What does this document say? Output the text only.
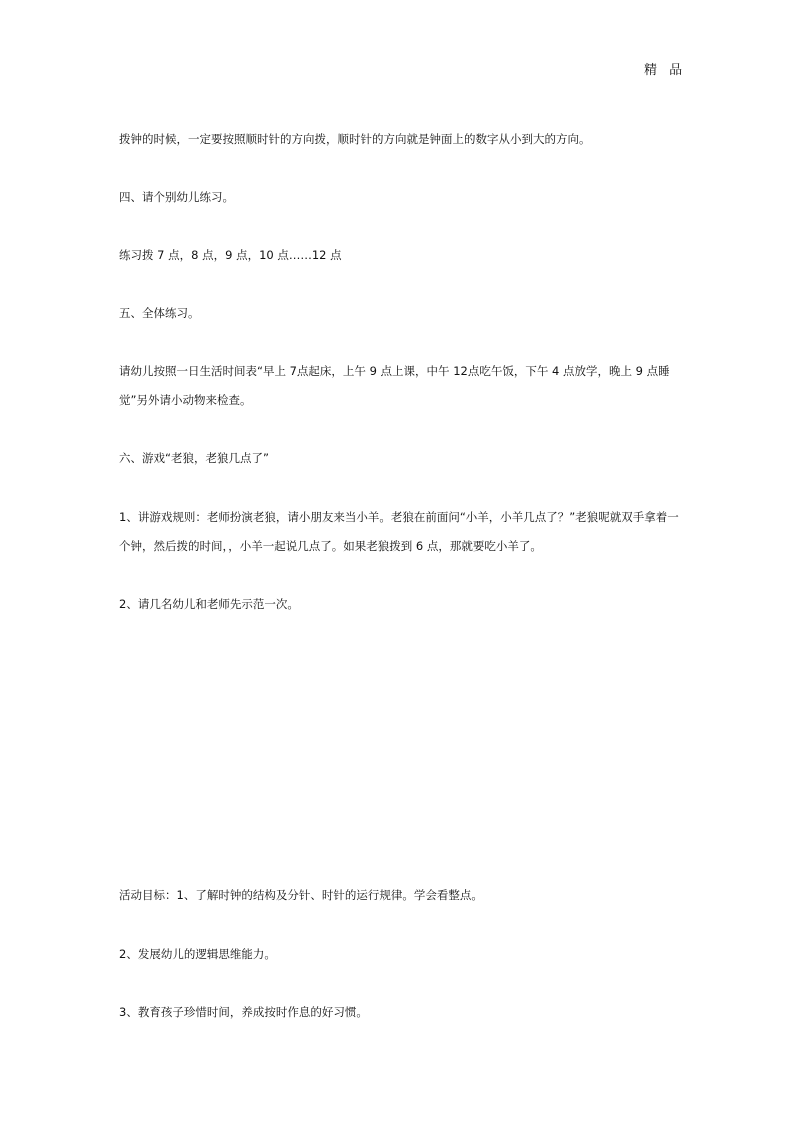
精 品

拨钟的时候，一定要按照顺时针的方向拨，顺时针的方向就是钟面上的数字从小到大的方向。

四、请个别幼儿练习。

练习拨 7 点，8 点，9 点，10 点……12 点

五、全体练习。

请幼儿按照一日生活时间表“早上 7点起床，上午 9 点上课，中午 12点吃午饭，下午 4 点放学，晚上 9 点睡觉”另外请小动物来检查。

六、游戏“老狼，老狼几点了”

1、讲游戏规则：老师扮演老狼，请小朋友来当小羊。老狼在前面问“小羊，小羊几点了？”老狼呢就双手拿着一个钟，然后拨的时间，，小羊一起说几点了。如果老狼拨到 6 点，那就要吃小羊了。

2、请几名幼儿和老师先示范一次。

活动目标：1、了解时钟的结构及分针、时针的运行规律。学会看整点。

2、发展幼儿的逻辑思维能力。

3、教育孩子珍惜时间，养成按时作息的好习惯。
